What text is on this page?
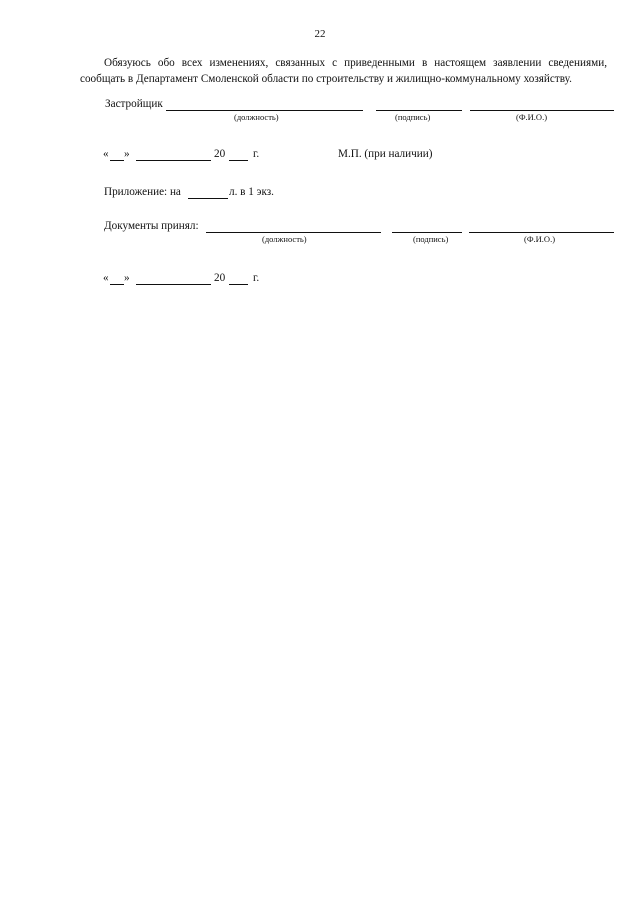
22
Обязуюсь обо всех изменениях, связанных с приведенными в настоящем заявлении сведениями, сообщать в Департамент Смоленской области по строительству и жилищно-коммунальному хозяйству.
Застройщик
(должность)	(подпись)	(Ф.И.О.)
« »	20 г.	М.П. (при наличии)
Приложение: на	л. в 1 экз.
Документы принял:
(должность)	(подпись)	(Ф.И.О.)
« »	20 г.
